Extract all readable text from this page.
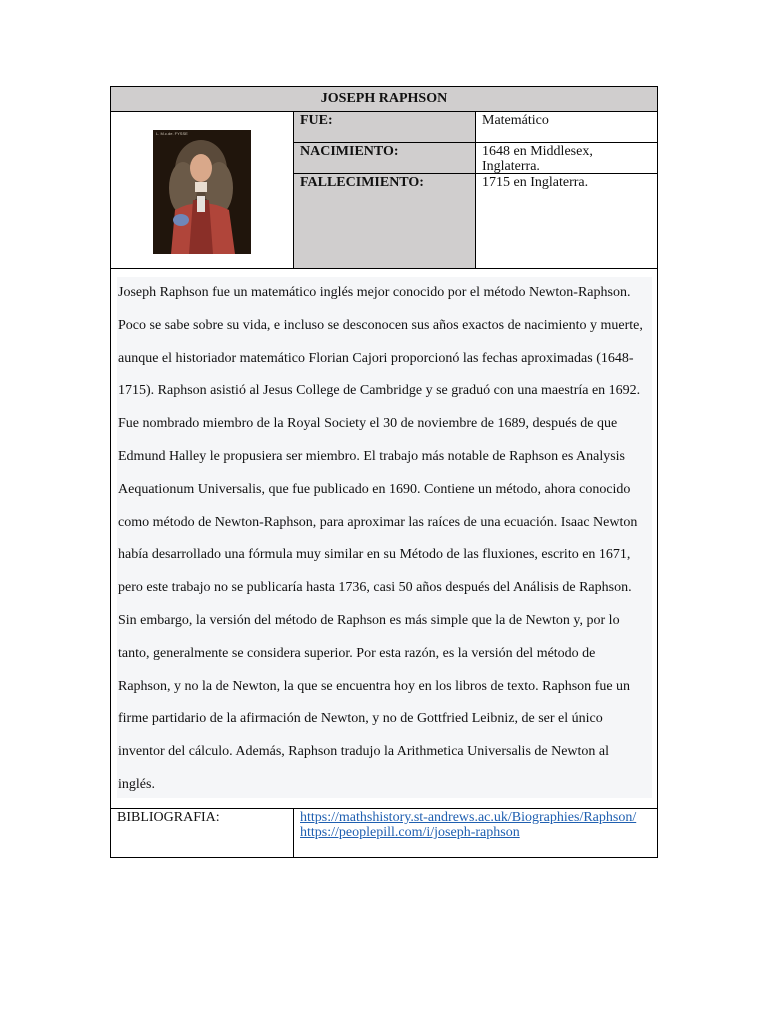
JOSEPH RAPHSON
L. M.c.de. FYSSE
FUE:
NACIMIENTO:
FALLECIMIENTO:
Matemático
1648 en Middlesex,
Inglaterra.
1715 en Inglaterra.
Joseph Raphson fue un matemático inglés mejor conocido por el método Newton-Raphson.
Poco se sabe sobre su vida, e incluso se desconocen sus años exactos de nacimiento y muerte,
aunque el historiador matemático Florian Cajori proporcionó las fechas aproximadas (1648-
1715). Raphson asistió al Jesus College de Cambridge y se graduó con una maestría en 1692.
Fue nombrado miembro de la Royal Society el 30 de noviembre de 1689, después de que
Edmund Halley le propusiera ser miembro. El trabajo más notable de Raphson es Analysis
Aequationum Universalis, que fue publicado en 1690. Contiene un método, ahora conocido
como método de Newton-Raphson, para aproximar las raíces de una ecuación. Isaac Newton
había desarrollado una fórmula muy similar en su Método de las fluxiones, escrito en 1671,
pero este trabajo no se publicaría hasta 1736, casi 50 años después del Análisis de Raphson.
Sin embargo, la versión del método de Raphson es más simple que la de Newton y, por lo
tanto, generalmente se considera superior. Por esta razón, es la versión del método de
Raphson, y no la de Newton, la que se encuentra hoy en los libros de texto. Raphson fue un
firme partidario de la afirmación de Newton, y no de Gottfried Leibniz, de ser el único
inventor del cálculo. Además, Raphson tradujo la Arithmetica Universalis de Newton al
inglés.
BIBLIOGRAFIA:	https://mathshistory.st-andrews.ac.uk/Biographies/Raphson/
https://peoplepill.com/i/joseph-raphson
